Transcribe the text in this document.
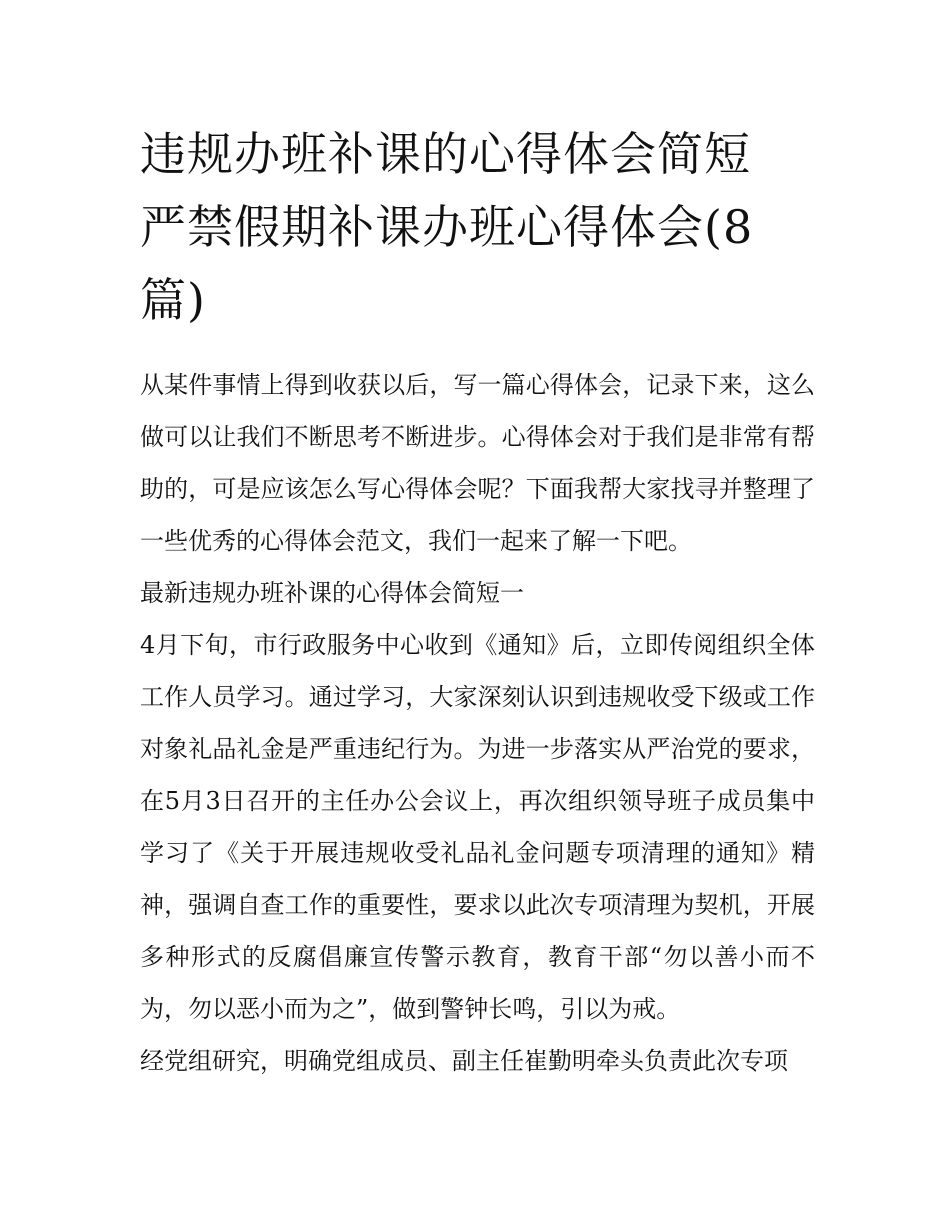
违规办班补课的心得体会简短
严禁假期补课办班心得体会(8
篇)

从某件事情上得到收获以后，写一篇心得体会，记录下来，这么做可以让我们不断思考不断进步。心得体会对于我们是非常有帮助的，可是应该怎么写心得体会呢？下面我帮大家找寻并整理了一些优秀的心得体会范文，我们一起来了解一下吧。

最新违规办班补课的心得体会简短一

4月下旬，市行政服务中心收到《通知》后，立即传阅组织全体工作人员学习。通过学习，大家深刻认识到违规收受下级或工作对象礼品礼金是严重违纪行为。为进一步落实从严治党的要求，在5月3日召开的主任办公会议上，再次组织领导班子成员集中学习了《关于开展违规收受礼品礼金问题专项清理的通知》精神，强调自查工作的重要性，要求以此次专项清理为契机，开展多种形式的反腐倡廉宣传警示教育，教育干部“勿以善小而不为，勿以恶小而为之”，做到警钟长鸣，引以为戒。

经党组研究，明确党组成员、副主任崔勤明牵头负责此次专项
